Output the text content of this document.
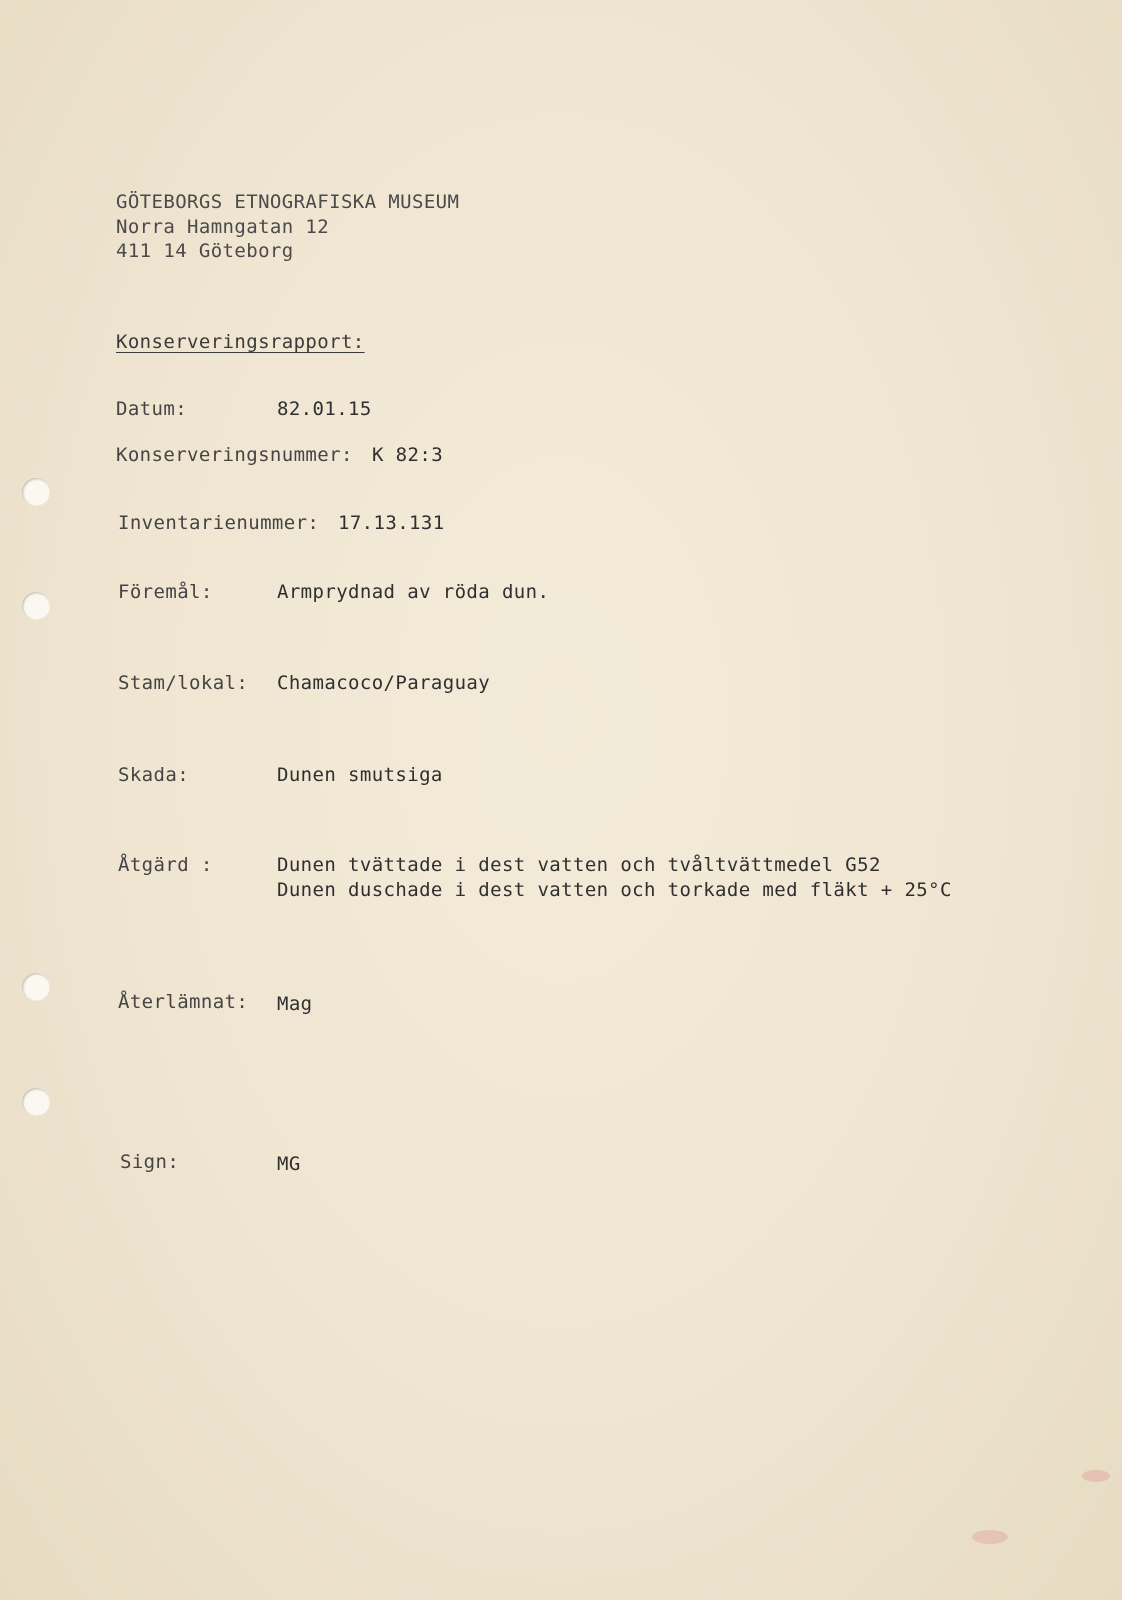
GÖTEBORGS ETNOGRAFISKA MUSEUM
Norra Hamngatan 12
411 14 Göteborg
Konserveringsrapport:
Datum:	82.01.15
Konserveringsnummer: K 82:3
Inventarienummer: 17.13.131
Föremål:	Armprydnad av röda dun.
Stam/lokal: Chamacoco/Paraguay
Skada:	Dunen smutsiga
Åtgärd :	Dunen tvättade i dest vatten och tvåltvättmedel G52
Dunen duschade i dest vatten och torkade med fläkt + 25°C
Återlämnat: Mag
Sign:	MG
